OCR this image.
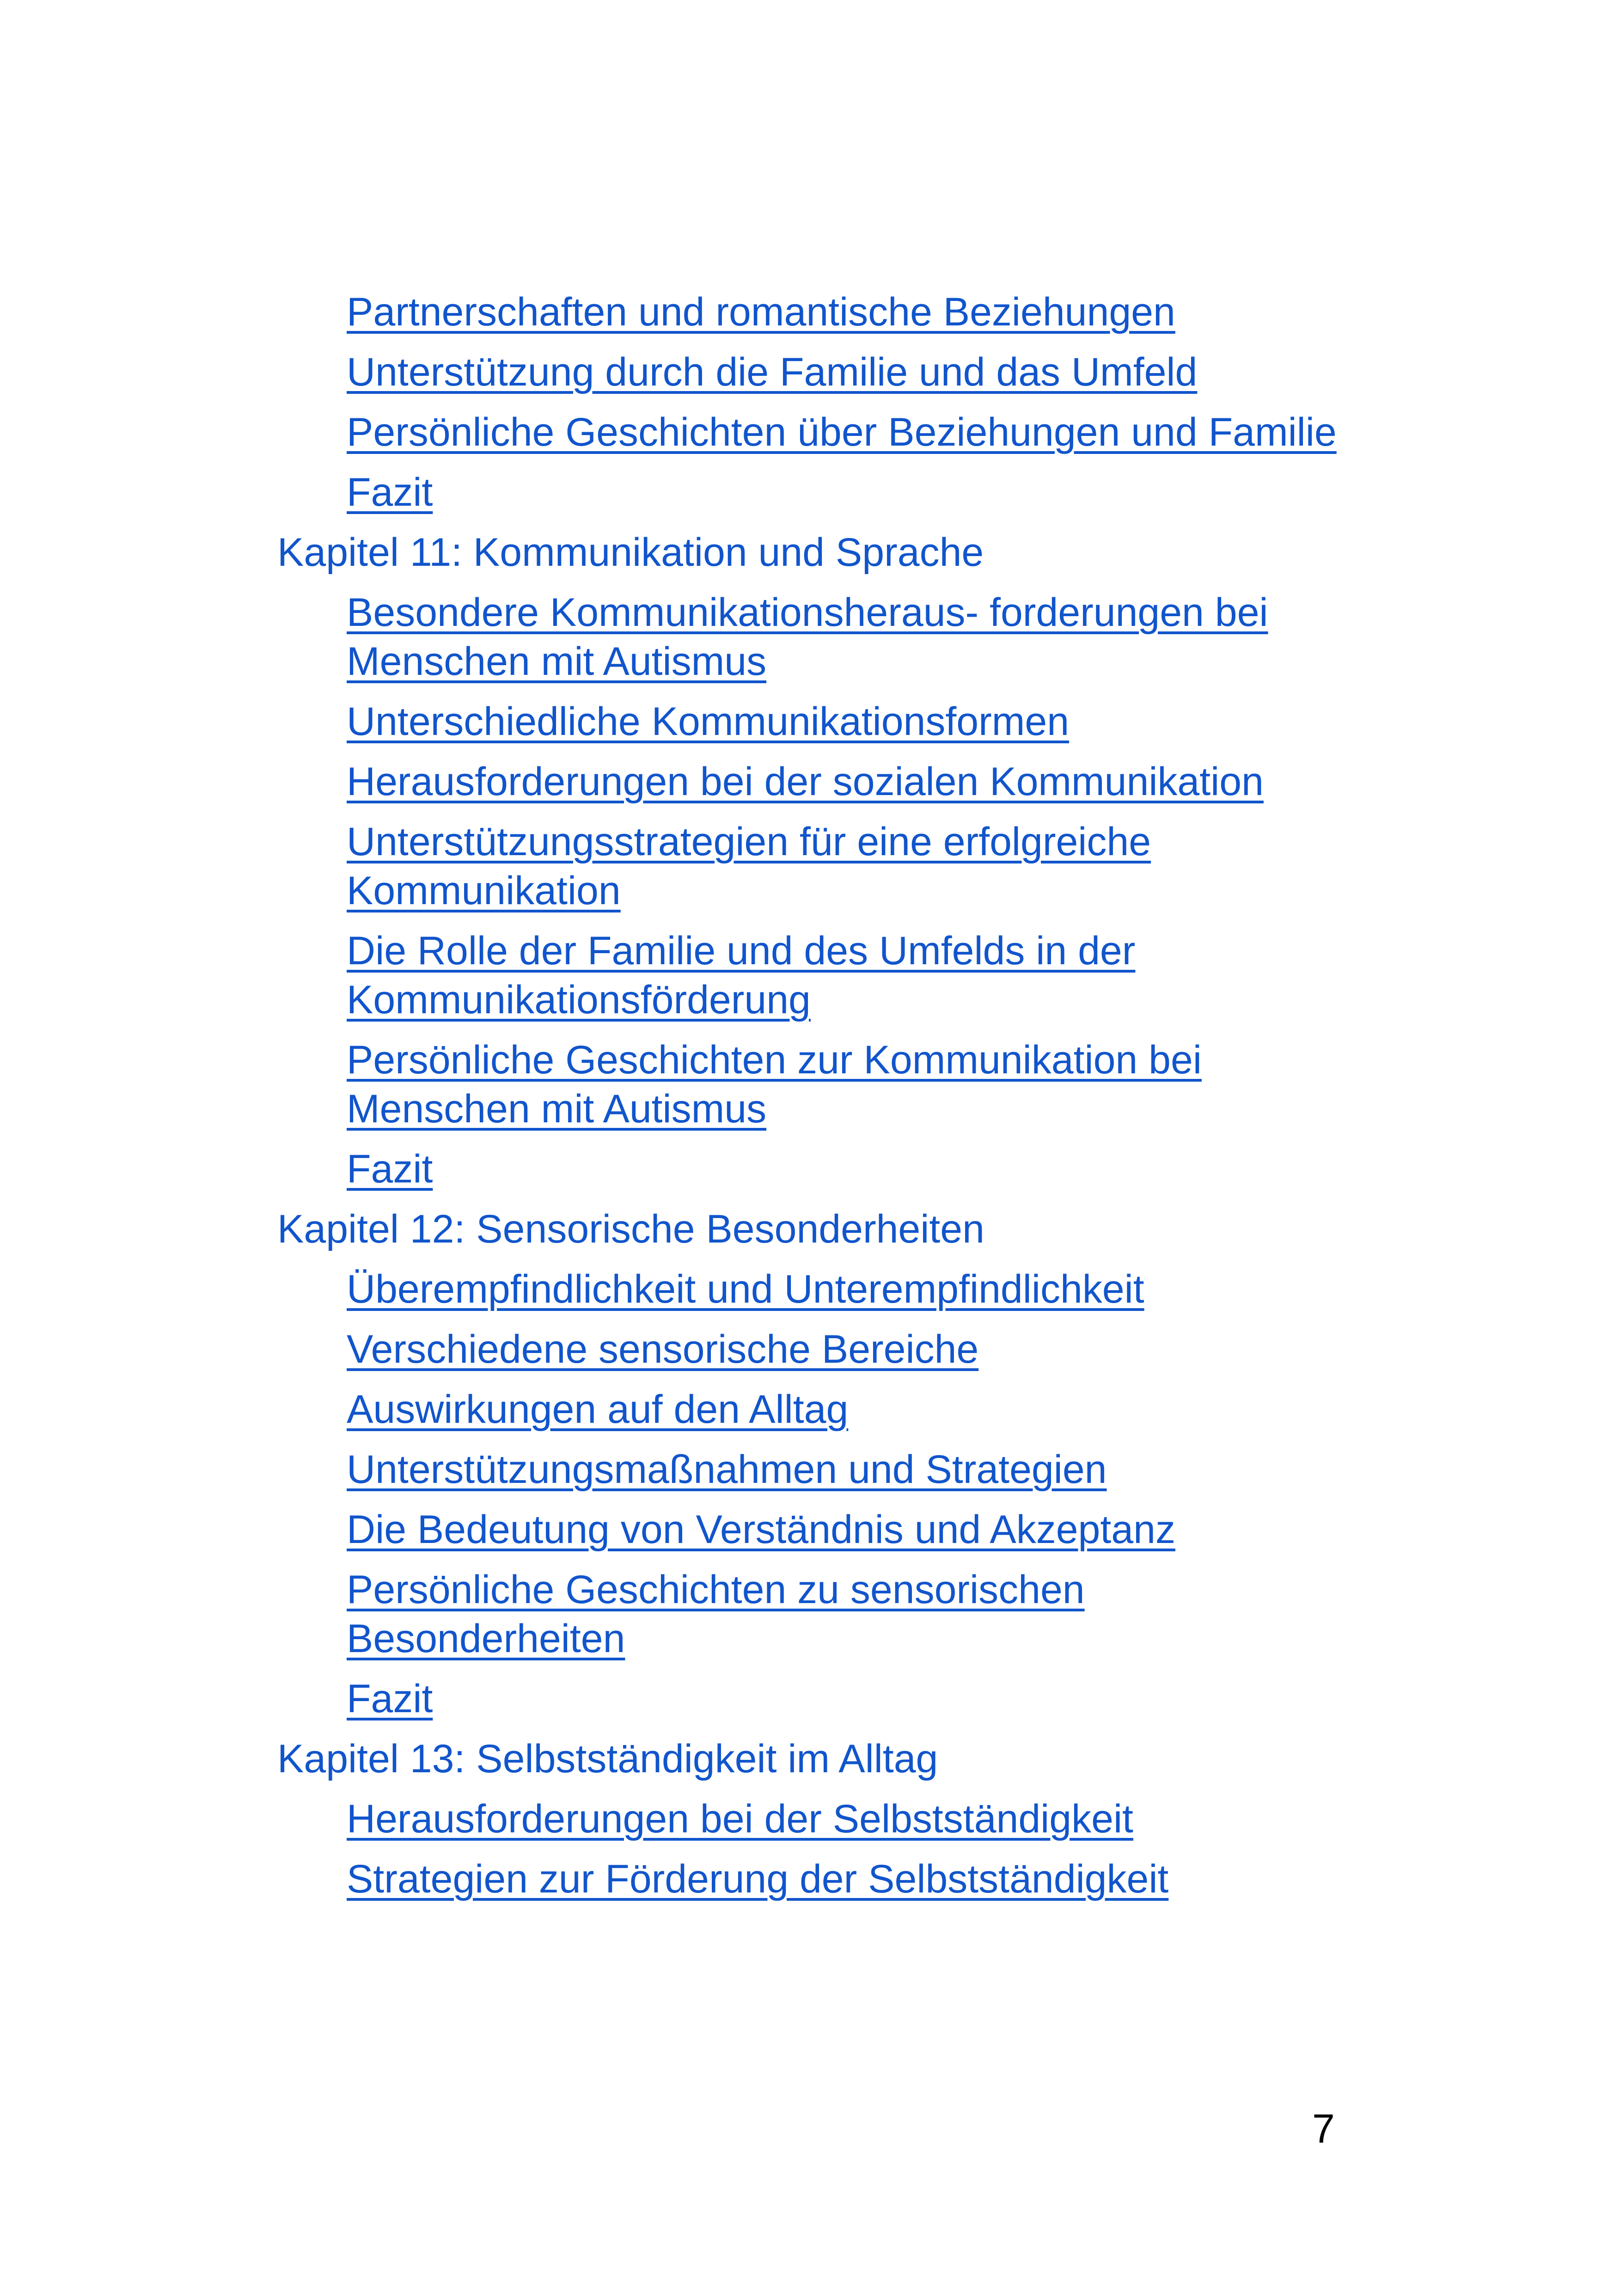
Partnerschaften und romantische Beziehungen
Unterstützung durch die Familie und das Umfeld
Persönliche Geschichten über Beziehungen und Familie
Fazit
Kapitel 11: Kommunikation und Sprache
Besondere Kommunikationsheraus- forderungen bei Menschen mit Autismus
Unterschiedliche Kommunikationsformen
Herausforderungen bei der sozialen Kommunikation
Unterstützungsstrategien für eine erfolgreiche Kommunikation
Die Rolle der Familie und des Umfelds in der Kommunikationsförderung
Persönliche Geschichten zur Kommunikation bei Menschen mit Autismus
Fazit
Kapitel 12: Sensorische Besonderheiten
Überempfindlichkeit und Unterempfindlichkeit
Verschiedene sensorische Bereiche
Auswirkungen auf den Alltag
Unterstützungsmaßnahmen und Strategien
Die Bedeutung von Verständnis und Akzeptanz
Persönliche Geschichten zu sensorischen Besonderheiten
Fazit
Kapitel 13: Selbstständigkeit im Alltag
Herausforderungen bei der Selbstständigkeit
Strategien zur Förderung der Selbstständigkeit
7
